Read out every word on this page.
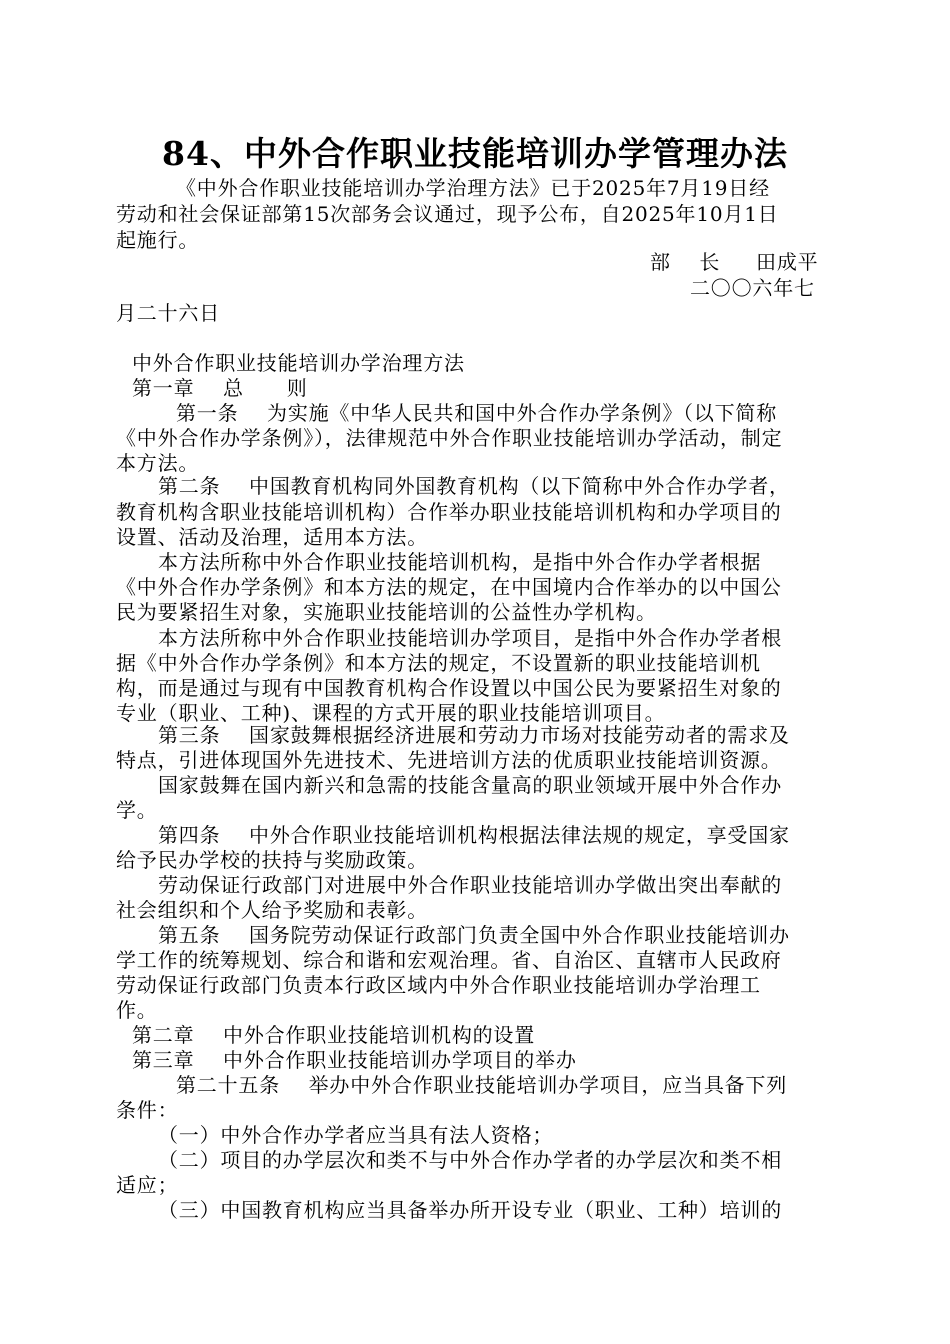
84、中外合作职业技能培训办学管理办法
《中外合作职业技能培训办学治理方法》已于2025年7月19日经
劳动和社会保证部第15次部务会议通过，现予公布，自2025年10月1日
起施行。
部    长     田成平
二〇〇六年七
月二十六日
中外合作职业技能培训办学治理方法
第一章    总      则
第一条    为实施《中华人民共和国中外合作办学条例》（以下简称
《中外合作办学条例》），法律规范中外合作职业技能培训办学活动，制定
本方法。
第二条    中国教育机构同外国教育机构（以下简称中外合作办学者，
教育机构含职业技能培训机构）合作举办职业技能培训机构和办学项目的
设置、活动及治理，适用本方法。
本方法所称中外合作职业技能培训机构，是指中外合作办学者根据
《中外合作办学条例》和本方法的规定，在中国境内合作举办的以中国公
民为要紧招生对象，实施职业技能培训的公益性办学机构。
本方法所称中外合作职业技能培训办学项目，是指中外合作办学者根
据《中外合作办学条例》和本方法的规定，不设置新的职业技能培训机
构，而是通过与现有中国教育机构合作设置以中国公民为要紧招生对象的
专业（职业、工种)、课程的方式开展的职业技能培训项目。
第三条    国家鼓舞根据经济进展和劳动力市场对技能劳动者的需求及
特点，引进体现国外先进技术、先进培训方法的优质职业技能培训资源。
国家鼓舞在国内新兴和急需的技能含量高的职业领域开展中外合作办
学。
第四条    中外合作职业技能培训机构根据法律法规的规定，享受国家
给予民办学校的扶持与奖励政策。
劳动保证行政部门对进展中外合作职业技能培训办学做出突出奉献的
社会组织和个人给予奖励和表彰。
第五条    国务院劳动保证行政部门负责全国中外合作职业技能培训办
学工作的统筹规划、综合和谐和宏观治理。省、自治区、直辖市人民政府
劳动保证行政部门负责本行政区域内中外合作职业技能培训办学治理工
作。
第二章    中外合作职业技能培训机构的设置
第三章    中外合作职业技能培训办学项目的举办
第二十五条    举办中外合作职业技能培训办学项目，应当具备下列
条件：
（一）中外合作办学者应当具有法人资格；
（二）项目的办学层次和类不与中外合作办学者的办学层次和类不相
适应；
（三）中国教育机构应当具备举办所开设专业（职业、工种）培训的
